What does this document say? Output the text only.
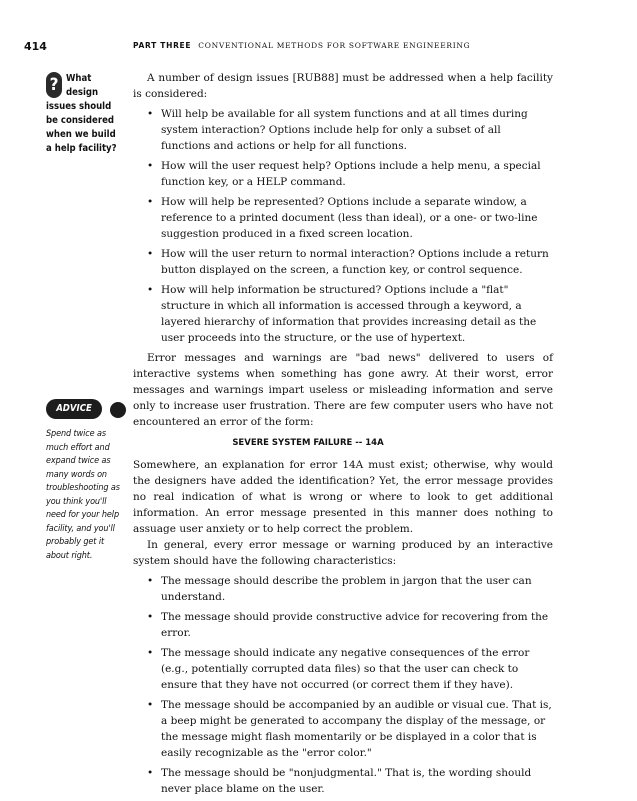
414	PART THREE CONVENTIONAL METHODS FOR SOFTWARE ENGINEERING
? What design issues should be considered when we build a help facility?
ADVICE
Spend twice as much effort and expand twice as many words on troubleshooting as you think you'll need for your help facility, and you'll probably get it about right.

A number of design issues [RUB88] must be addressed when a help facility is considered:

• Will help be available for all system functions and at all times during system interaction? Options include help for only a subset of all functions and actions or help for all functions.
• How will the user request help? Options include a help menu, a special function key, or a HELP command.
• How will help be represented? Options include a separate window, a reference to a printed document (less than ideal), or a one- or two-line suggestion produced in a fixed screen location.
• How will the user return to normal interaction? Options include a return button displayed on the screen, a function key, or control sequence.
• How will help information be structured? Options include a "flat" structure in which all information is accessed through a keyword, a layered hierarchy of information that provides increasing detail as the user proceeds into the structure, or the use of hypertext.

Error messages and warnings are "bad news" delivered to users of interactive systems when something has gone awry. At their worst, error messages and warnings impart useless or misleading information and serve only to increase user frustration. There are few computer users who have not encountered an error of the form:

SEVERE SYSTEM FAILURE -- 14A

Somewhere, an explanation for error 14A must exist; otherwise, why would the designers have added the identification? Yet, the error message provides no real indication of what is wrong or where to look to get additional information. An error message presented in this manner does nothing to assuage user anxiety or to help correct the problem.

In general, every error message or warning produced by an interactive system should have the following characteristics:

• The message should describe the problem in jargon that the user can understand.
• The message should provide constructive advice for recovering from the error.
• The message should indicate any negative consequences of the error (e.g., potentially corrupted data files) so that the user can check to ensure that they have not occurred (or correct them if they have).
• The message should be accompanied by an audible or visual cue. That is, a beep might be generated to accompany the display of the message, or the message might flash momentarily or be displayed in a color that is easily recognizable as the "error color."
• The message should be "nonjudgmental." That is, the wording should never place blame on the user.
